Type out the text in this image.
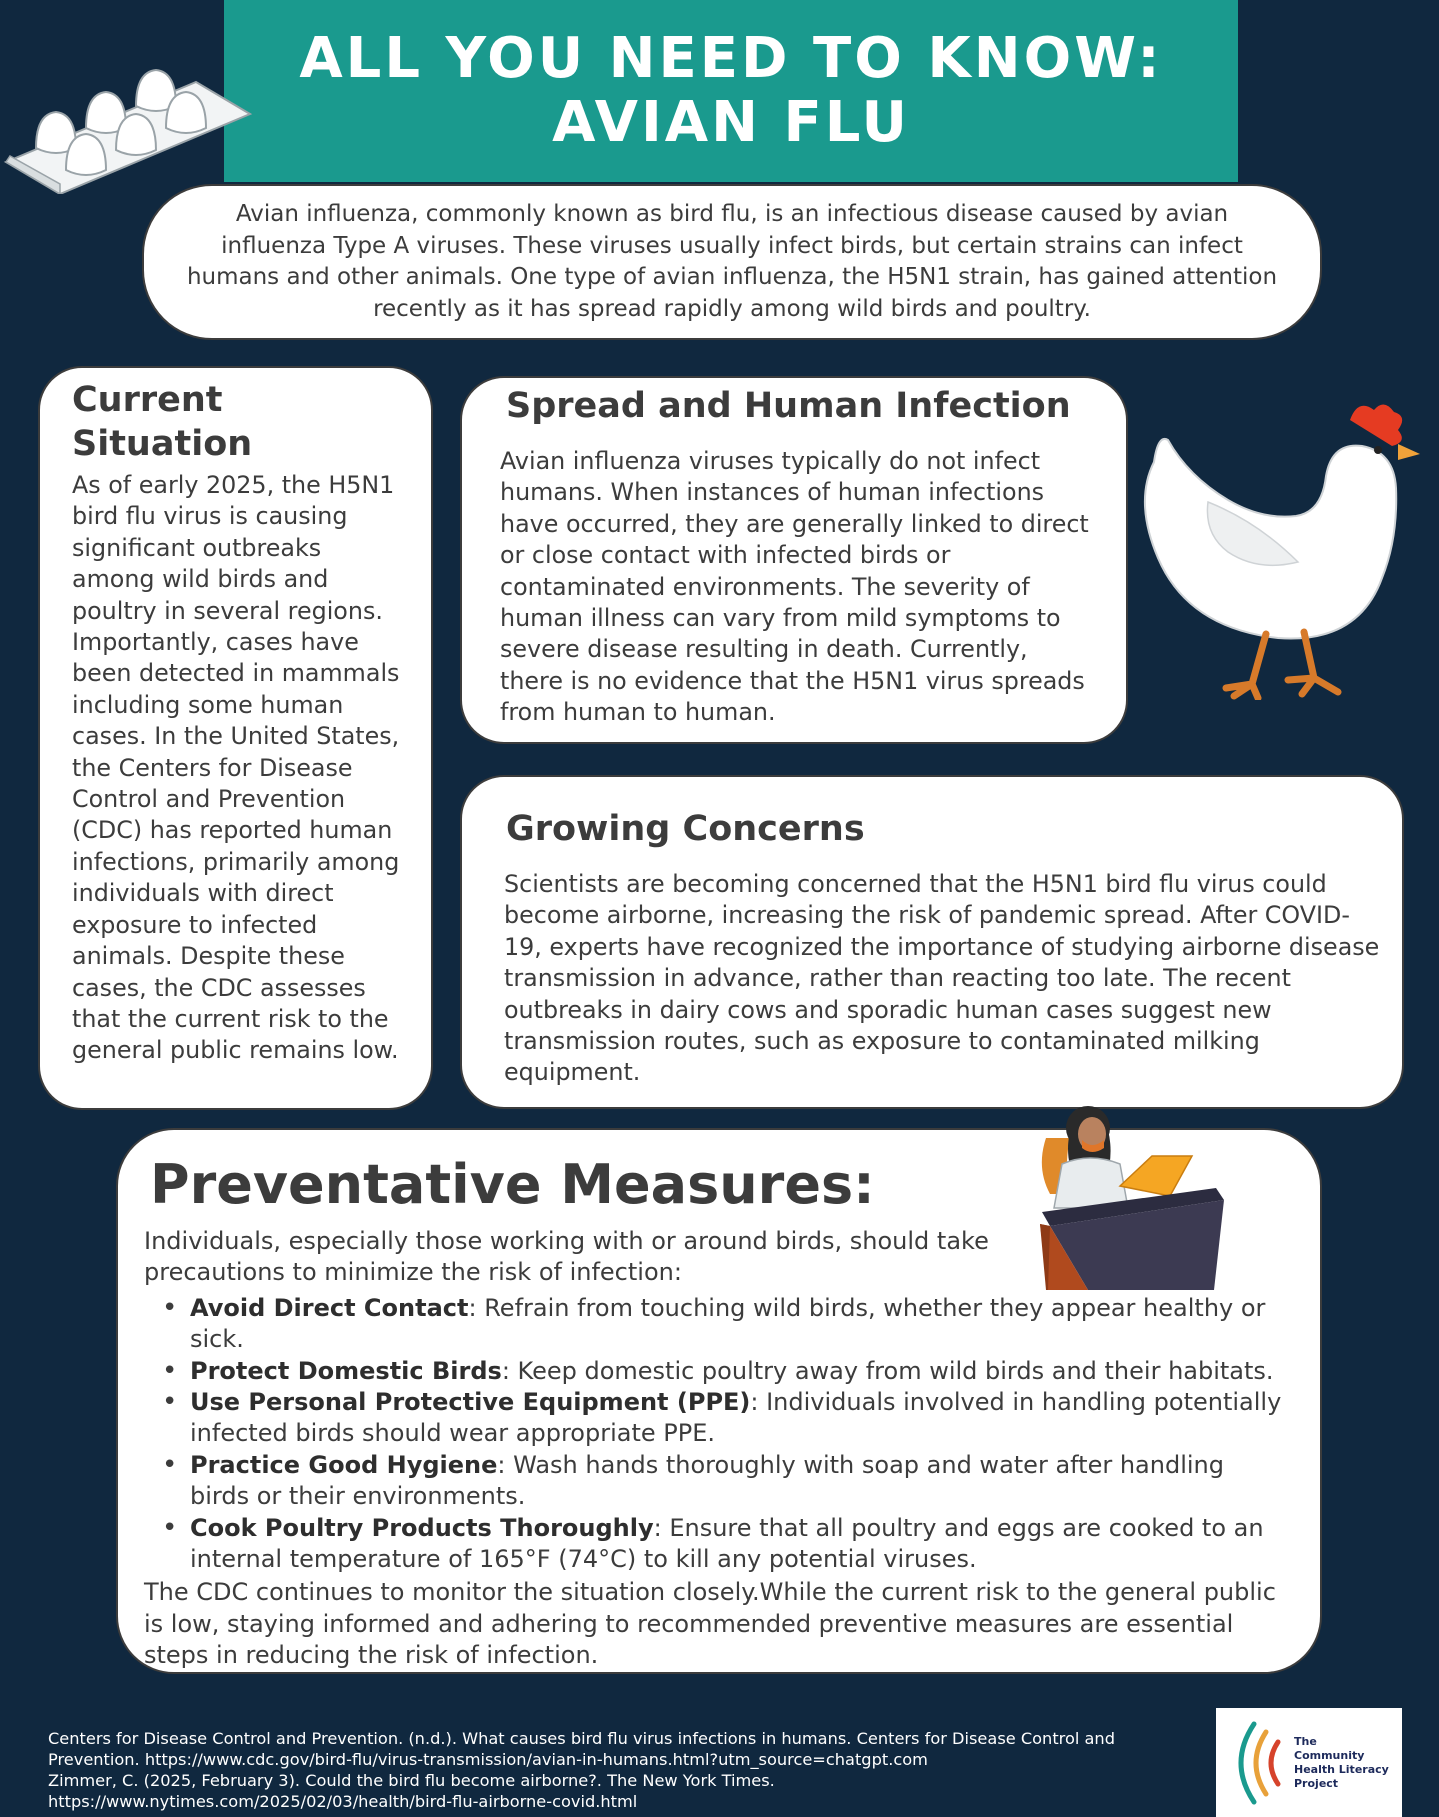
ALL YOU NEED TO KNOW:
AVIAN FLU

Avian influenza, commonly known as bird flu, is an infectious disease caused by avian influenza Type A viruses. These viruses usually infect birds, but certain strains can infect humans and other animals. One type of avian influenza, the H5N1 strain, has gained attention recently as it has spread rapidly among wild birds and poultry.

Current Situation

As of early 2025, the H5N1 bird flu virus is causing significant outbreaks among wild birds and poultry in several regions. Importantly, cases have been detected in mammals including some human cases. In the United States, the Centers for Disease Control and Prevention (CDC) has reported human infections, primarily among individuals with direct exposure to infected animals. Despite these cases, the CDC assesses that the current risk to the general public remains low.

Spread and Human Infection

Avian influenza viruses typically do not infect humans. When instances of human infections have occurred, they are generally linked to direct or close contact with infected birds or contaminated environments. The severity of human illness can vary from mild symptoms to severe disease resulting in death. Currently, there is no evidence that the H5N1 virus spreads from human to human.

Growing Concerns

Scientists are becoming concerned that the H5N1 bird flu virus could become airborne, increasing the risk of pandemic spread. After COVID-19, experts have recognized the importance of studying airborne disease transmission in advance, rather than reacting too late. The recent outbreaks in dairy cows and sporadic human cases suggest new transmission routes, such as exposure to contaminated milking equipment.

Preventative Measures:

Individuals, especially those working with or around birds, should take precautions to minimize the risk of infection:

• Avoid Direct Contact: Refrain from touching wild birds, whether they appear healthy or sick.
• Protect Domestic Birds: Keep domestic poultry away from wild birds and their habitats.
• Use Personal Protective Equipment (PPE): Individuals involved in handling potentially infected birds should wear appropriate PPE.
• Practice Good Hygiene: Wash hands thoroughly with soap and water after handling birds or their environments.
• Cook Poultry Products Thoroughly: Ensure that all poultry and eggs are cooked to an internal temperature of 165°F (74°C) to kill any potential viruses.

The CDC continues to monitor the situation closely.While the current risk to the general public is low, staying informed and adhering to recommended preventive measures are essential steps in reducing the risk of infection.

Centers for Disease Control and Prevention. (n.d.). What causes bird flu virus infections in humans. Centers for Disease Control and

Prevention. https://www.cdc.gov/bird-flu/virus-transmission/avian-in-humans.html?utm_source=chatgpt.com

Zimmer, C. (2025, February 3). Could the bird flu become airborne?. The New York Times.

https://www.nytimes.com/2025/02/03/health/bird-flu-airborne-covid.html

The Community Health Literacy Project
